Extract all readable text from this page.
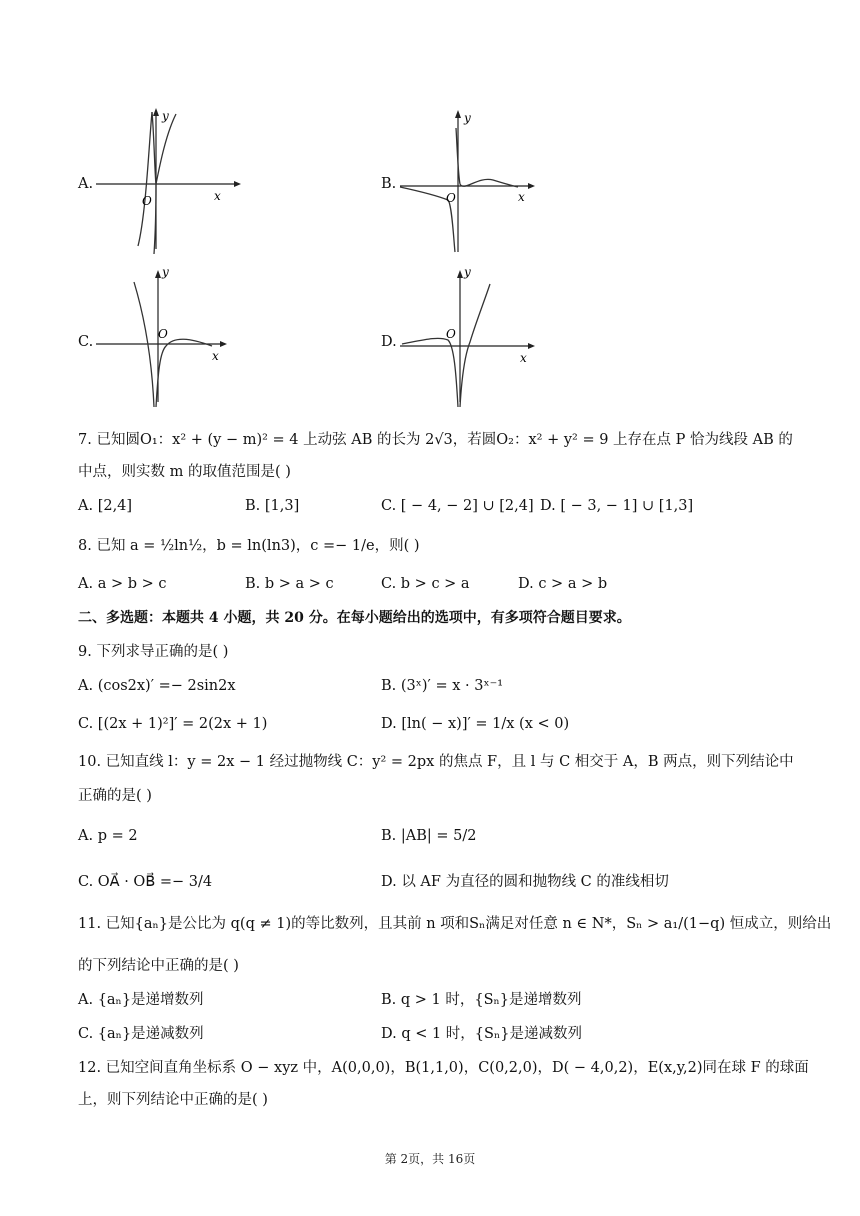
A.
y
x
O
B.
y
x
O
C.
y
x
O	D.
y
x
O
7. 已知圆O₁：x² + (y − m)² = 4 上动弦 AB 的长为 2√3，若圆O₂：x² + y² = 9 上存在点 P 恰为线段 AB 的
中点，则实数 m 的取值范围是( )
A. [2,4]	B. [1,3]	C. [ − 4, − 2] ∪ [2,4] D. [ − 3, − 1] ∪ [1,3]
8. 已知 a = ½ln½，b = ln(ln3)，c =− 1/e，则( )
A. a > b > c	B. b > a > c	C. b > c > a	D. c > a > b
二、多选题：本题共 4 小题，共 20 分。在每小题给出的选项中，有多项符合题目要求。
9. 下列求导正确的是( )
A. (cos2x)′ =− 2sin2x	B. (3ˣ)′ = x · 3ˣ⁻¹
C. [(2x + 1)²]′ = 2(2x + 1)	D. [ln( − x)]′ = 1/x (x < 0)
10. 已知直线 l：y = 2x − 1 经过抛物线 C：y² = 2px 的焦点 F，且 l 与 C 相交于 A，B 两点，则下列结论中
正确的是( )
A. p = 2	B. |AB| = 5/2
C. OA⃗ · OB⃗ =− 3/4	D. 以 AF 为直径的圆和抛物线 C 的准线相切
11. 已知{aₙ}是公比为 q(q ≠ 1)的等比数列，且其前 n 项和Sₙ满足对任意 n ∈ N*，Sₙ > a₁/(1−q) 恒成立，则给出
的下列结论中正确的是( )
A. {aₙ}是递增数列	B. q > 1 时，{Sₙ}是递增数列
C. {aₙ}是递减数列	D. q < 1 时，{Sₙ}是递减数列
12. 已知空间直角坐标系 O − xyz 中，A(0,0,0)，B(1,1,0)，C(0,2,0)，D( − 4,0,2)，E(x,y,2)同在球 F 的球面
上，则下列结论中正确的是( )
第 2页，共 16页
